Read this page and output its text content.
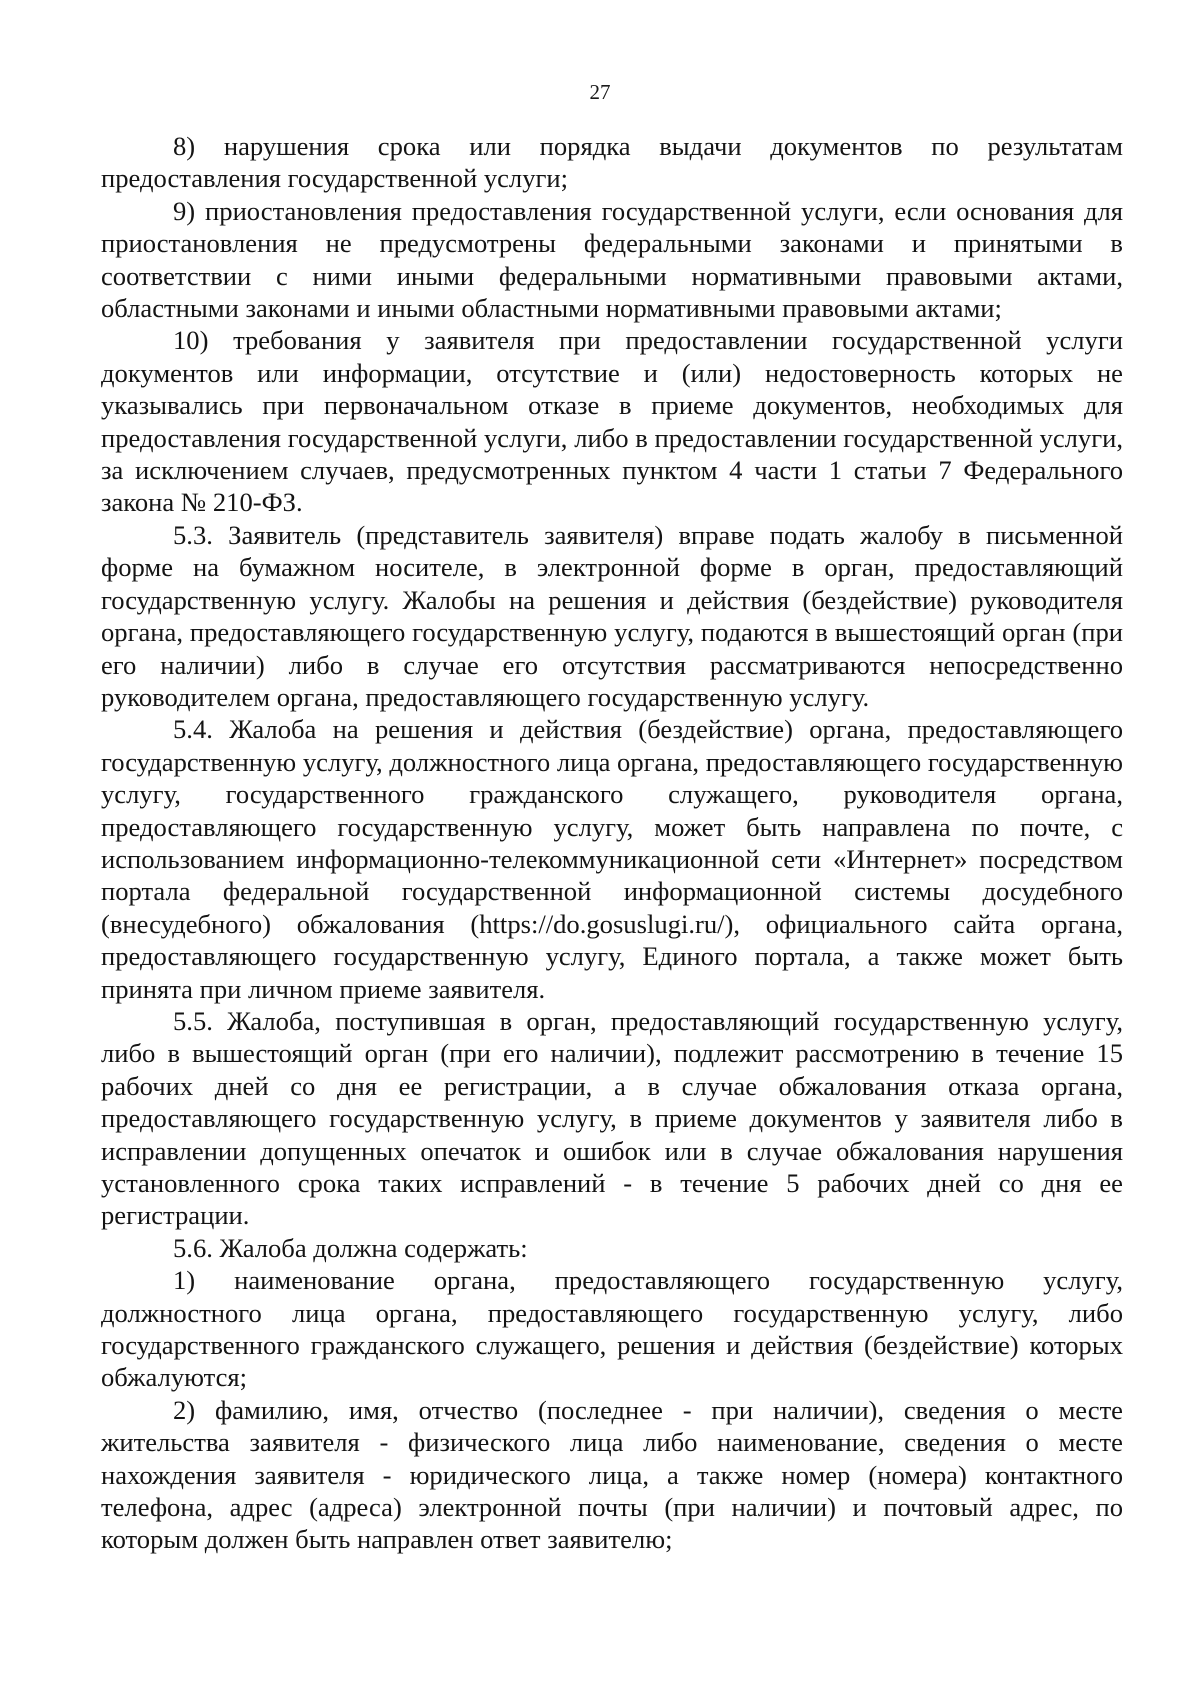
27

8) нарушения срока или порядка выдачи документов по результатам предоставления государственной услуги;

9) приостановления предоставления государственной услуги, если основания для приостановления не предусмотрены федеральными законами и принятыми в соответствии с ними иными федеральными нормативными правовыми актами, областными законами и иными областными нормативными правовыми актами;

10) требования у заявителя при предоставлении государственной услуги документов или информации, отсутствие и (или) недостоверность которых не указывались при первоначальном отказе в приеме документов, необходимых для предоставления государственной услуги, либо в предоставлении государственной услуги, за исключением случаев, предусмотренных пунктом 4 части 1 статьи 7 Федерального закона № 210-ФЗ.

5.3. Заявитель (представитель заявителя) вправе подать жалобу в письменной форме на бумажном носителе, в электронной форме в орган, предоставляющий государственную услугу. Жалобы на решения и действия (бездействие) руководителя органа, предоставляющего государственную услугу, подаются в вышестоящий орган (при его наличии) либо в случае его отсутствия рассматриваются непосредственно руководителем органа, предоставляющего государственную услугу.

5.4. Жалоба на решения и действия (бездействие) органа, предоставляющего государственную услугу, должностного лица органа, предоставляющего государственную услугу, государственного гражданского служащего, руководителя органа, предоставляющего государственную услугу, может быть направлена по почте, с использованием информационно-телекоммуникационной сети «Интернет» посредством портала федеральной государственной информационной системы досудебного (внесудебного) обжалования (https://do.gosuslugi.ru/), официального сайта органа, предоставляющего государственную услугу, Единого портала, а также может быть принята при личном приеме заявителя.

5.5. Жалоба, поступившая в орган, предоставляющий государственную услугу, либо в вышестоящий орган (при его наличии), подлежит рассмотрению в течение 15 рабочих дней со дня ее регистрации, а в случае обжалования отказа органа, предоставляющего государственную услугу, в приеме документов у заявителя либо в исправлении допущенных опечаток и ошибок или в случае обжалования нарушения установленного срока таких исправлений - в течение 5 рабочих дней со дня ее регистрации.

5.6. Жалоба должна содержать:

1) наименование органа, предоставляющего государственную услугу, должностного лица органа, предоставляющего государственную услугу, либо государственного гражданского служащего, решения и действия (бездействие) которых обжалуются;

2) фамилию, имя, отчество (последнее - при наличии), сведения о месте жительства заявителя - физического лица либо наименование, сведения о месте нахождения заявителя - юридического лица, а также номер (номера) контактного телефона, адрес (адреса) электронной почты (при наличии) и почтовый адрес, по которым должен быть направлен ответ заявителю;
